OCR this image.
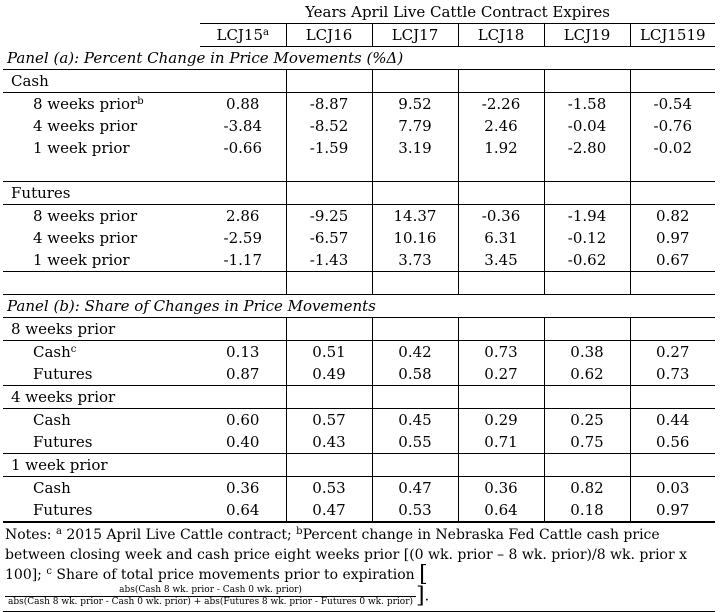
	Years April Live Cattle Contract Expires					
	LCJ15$^a$	LCJ16	LCJ17	LCJ18	LCJ19	LCJ1519
Panel (a): Percent Change in Price Movements (%Δ)						
Cash						
8 weeks prior$^b$	0.88	-8.87	9.52	-2.26	-1.58	-0.54
4 weeks prior	-3.84	-8.52	7.79	2.46	-0.04	-0.76
1 week prior	-0.66	-1.59	3.19	1.92	-2.80	-0.02

Futures						
8 weeks prior	2.86	-9.25	14.37	-0.36	-1.94	0.82
4 weeks prior	-2.59	-6.57	10.16	6.31	-0.12	0.97
1 week prior	-1.17	-1.43	3.73	3.45	-0.62	0.67

Panel (b): Share of Changes in Price Movements						
8 weeks prior						
Cash$^c$	0.13	0.51	0.42	0.73	0.38	0.27
Futures	0.87	0.49	0.58	0.27	0.62	0.73
4 weeks prior						
Cash	0.60	0.57	0.45	0.29	0.25	0.44
Futures	0.40	0.43	0.55	0.71	0.75	0.56
1 week prior						
Cash	0.36	0.53	0.47	0.36	0.82	0.03
Futures	0.64	0.47	0.53	0.64	0.18	0.97
Notes: $^a$ 2015 April Live Cattle contract; $^b$Percent change in Nebraska Fed Cattle cash price between closing week and cash price eight weeks prior [(0 wk. prior – 8 wk. prior)/8 wk. prior x 100]; $^c$ Share of total price movements prior to expiration [
abs(Cash 8 wk. prior - Cash 0 wk. prior)
abs(Cash 8 wk. prior - Cash 0 wk. prior) + abs(Futures 8 wk. prior - Futures 0 wk. prior) ].
